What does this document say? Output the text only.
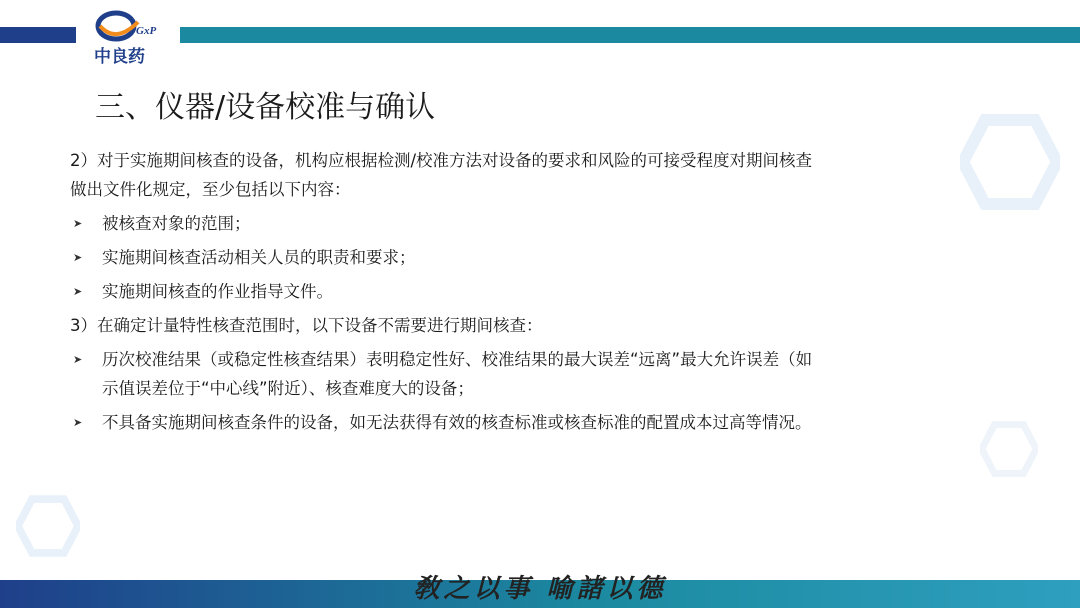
GxP
中良药
三、仪器/设备校准与确认

2）对于实施期间核查的设备，机构应根据检测/校准方法对设备的要求和风险的可接受程度对期间核查

做出文件化规定，至少包括以下内容：

➤ 被核查对象的范围；
➤ 实施期间核查活动相关人员的职责和要求；
➤ 实施期间核查的作业指导文件。

3）在确定计量特性核查范围时，以下设备不需要进行期间核查：

➤ 历次校准结果（或稳定性核查结果）表明稳定性好、校准结果的最大误差“远离”最大允许误差（如
示值误差位于“中心线”附近）、核查难度大的设备；
➤ 不具备实施期间核查条件的设备，如无法获得有效的核查标准或核查标准的配置成本过高等情况。
敎之以事 喻諸以德
